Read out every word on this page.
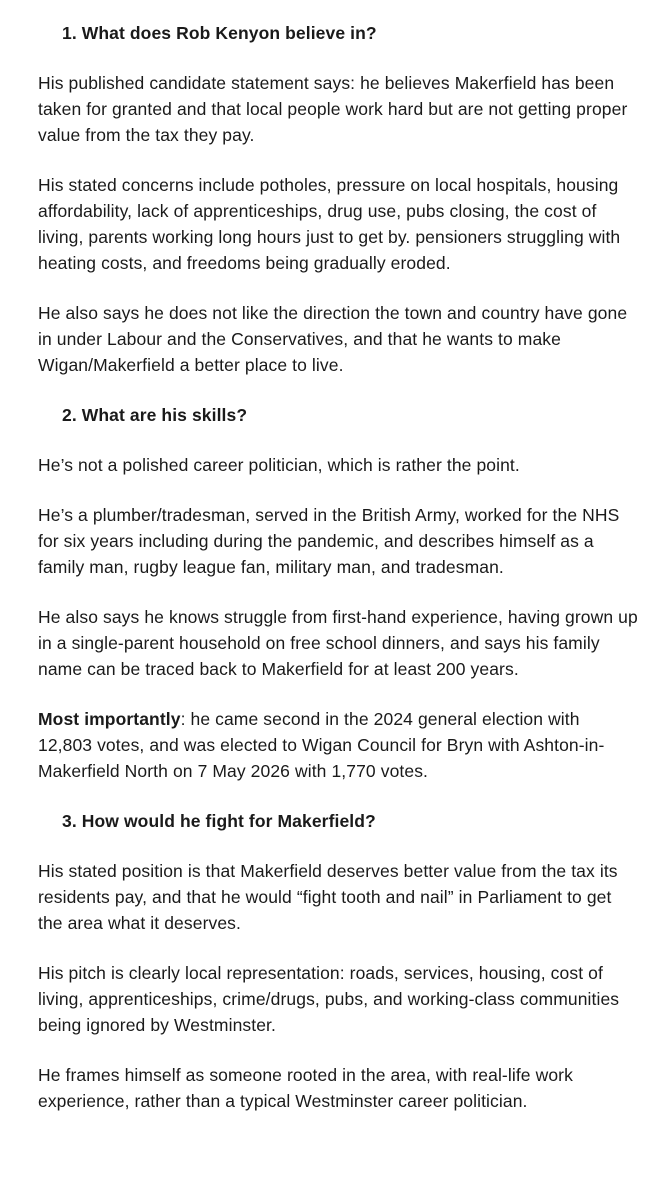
1. What does Rob Kenyon believe in?

His published candidate statement says: he believes Makerfield has been taken for granted and that local people work hard but are not getting proper value from the tax they pay.

His stated concerns include potholes, pressure on local hospitals, housing affordability, lack of apprenticeships, drug use, pubs closing, the cost of living, parents working long hours just to get by. pensioners struggling with heating costs, and freedoms being gradually eroded.

He also says he does not like the direction the town and country have gone in under Labour and the Conservatives, and that he wants to make Wigan/Makerfield a better place to live.

2. What are his skills?

He’s not a polished career politician, which is rather the point.

He’s a plumber/tradesman, served in the British Army, worked for the NHS for six years including during the pandemic, and describes himself as a family man, rugby league fan, military man, and tradesman.

He also says he knows struggle from first-hand experience, having grown up in a single-parent household on free school dinners, and says his family name can be traced back to Makerfield for at least 200 years.

Most importantly: he came second in the 2024 general election with 12,803 votes, and was elected to Wigan Council for Bryn with Ashton-in-Makerfield North on 7 May 2026 with 1,770 votes.

3. How would he fight for Makerfield?

His stated position is that Makerfield deserves better value from the tax its residents pay, and that he would “fight tooth and nail” in Parliament to get the area what it deserves.

His pitch is clearly local representation: roads, services, housing, cost of living, apprenticeships, crime/drugs, pubs, and working-class communities being ignored by Westminster.

He frames himself as someone rooted in the area, with real-life work experience, rather than a typical Westminster career politician.
